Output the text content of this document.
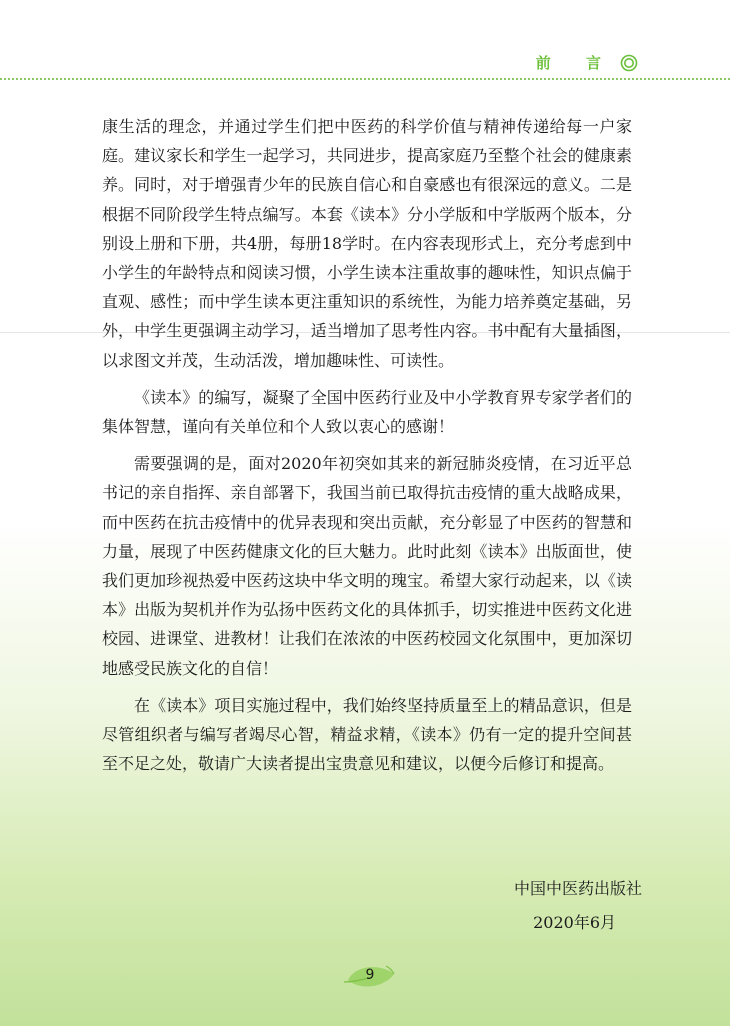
前 言

康生活的理念，并通过学生们把中医药的科学价值与精神传递给每一户家庭。建议家长和学生一起学习，共同进步，提高家庭乃至整个社会的健康素养。同时，对于增强青少年的民族自信心和自豪感也有很深远的意义。二是根据不同阶段学生特点编写。本套《读本》分小学版和中学版两个版本，分别设上册和下册，共4册，每册18学时。在内容表现形式上，充分考虑到中小学生的年龄特点和阅读习惯，小学生读本注重故事的趣味性，知识点偏于直观、感性；而中学生读本更注重知识的系统性，为能力培养奠定基础，另外，中学生更强调主动学习，适当增加了思考性内容。书中配有大量插图，以求图文并茂，生动活泼，增加趣味性、可读性。

《读本》的编写，凝聚了全国中医药行业及中小学教育界专家学者们的集体智慧，谨向有关单位和个人致以衷心的感谢！

需要强调的是，面对2020年初突如其来的新冠肺炎疫情，在习近平总书记的亲自指挥、亲自部署下，我国当前已取得抗击疫情的重大战略成果，而中医药在抗击疫情中的优异表现和突出贡献，充分彰显了中医药的智慧和力量，展现了中医药健康文化的巨大魅力。此时此刻《读本》出版面世，使我们更加珍视热爱中医药这块中华文明的瑰宝。希望大家行动起来，以《读本》出版为契机并作为弘扬中医药文化的具体抓手，切实推进中医药文化进校园、进课堂、进教材！让我们在浓浓的中医药校园文化氛围中，更加深切地感受民族文化的自信！

在《读本》项目实施过程中，我们始终坚持质量至上的精品意识，但是尽管组织者与编写者竭尽心智，精益求精，《读本》仍有一定的提升空间甚至不足之处，敬请广大读者提出宝贵意见和建议，以便今后修订和提高。

中国中医药出版社
2020年6月
9
